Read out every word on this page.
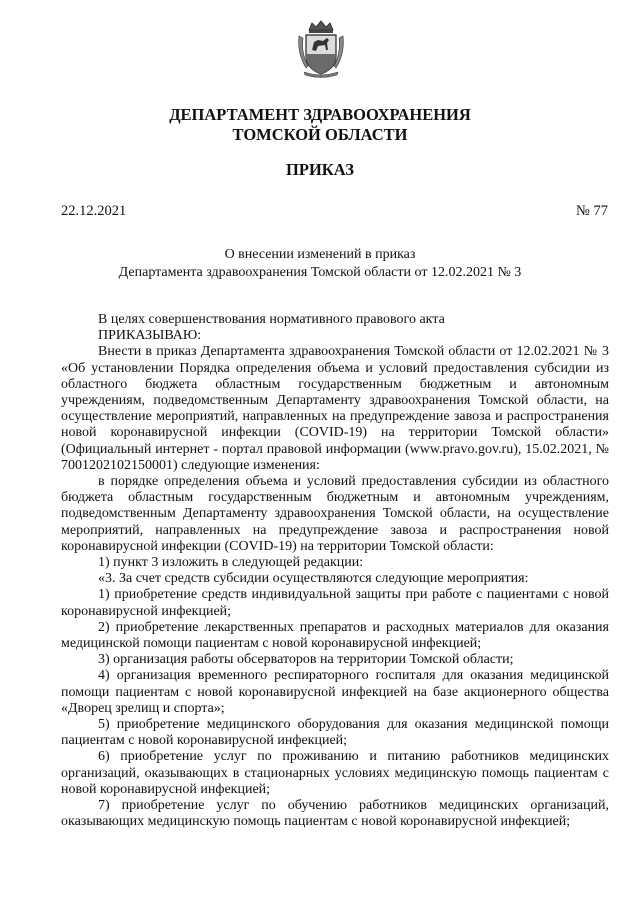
ДЕПАРТАМЕНТ ЗДРАВООХРАНЕНИЯ
ТОМСКОЙ ОБЛАСТИ
ПРИКАЗ
22.12.2021	№ 77
О внесении изменений в приказ
Департамента здравоохранения Томской области от 12.02.2021 № 3

В целях совершенствования нормативного правового акта

ПРИКАЗЫВАЮ:

Внести в приказ Департамента здравоохранения Томской области от 12.02.2021 № 3 «Об установлении Порядка определения объема и условий предоставления субсидии из областного бюджета областным государственным бюджетным и автономным учреждениям, подведомственным Департаменту здравоохранения Томской области, на осуществление мероприятий, направленных на предупреждение завоза и распространения новой коронавирусной инфекции (COVID-19) на территории Томской области» (Официальный интернет - портал правовой информации (www.pravo.gov.ru), 15.02.2021, № 7001202102150001) следующие изменения:

в порядке определения объема и условий предоставления субсидии из областного бюджета областным государственным бюджетным и автономным учреждениям, подведомственным Департаменту здравоохранения Томской области, на осуществление мероприятий, направленных на предупреждение завоза и распространения новой коронавирусной инфекции (COVID-19) на территории Томской области:

1) пункт 3 изложить в следующей редакции:

«3. За счет средств субсидии осуществляются следующие мероприятия:

1) приобретение средств индивидуальной защиты при работе с пациентами с новой коронавирусной инфекцией;

2) приобретение лекарственных препаратов и расходных материалов для оказания медицинской помощи пациентам с новой коронавирусной инфекцией;

3) организация работы обсерваторов на территории Томской области;

4) организация временного респираторного госпиталя для оказания медицинской помощи пациентам с новой коронавирусной инфекцией на базе акционерного общества «Дворец зрелищ и спорта»;

5) приобретение медицинского оборудования для оказания медицинской помощи пациентам с новой коронавирусной инфекцией;

6) приобретение услуг по проживанию и питанию работников медицинских организаций, оказывающих в стационарных условиях медицинскую помощь пациентам с новой коронавирусной инфекцией;

7) приобретение услуг по обучению работников медицинских организаций, оказывающих медицинскую помощь пациентам с новой коронавирусной инфекцией;
